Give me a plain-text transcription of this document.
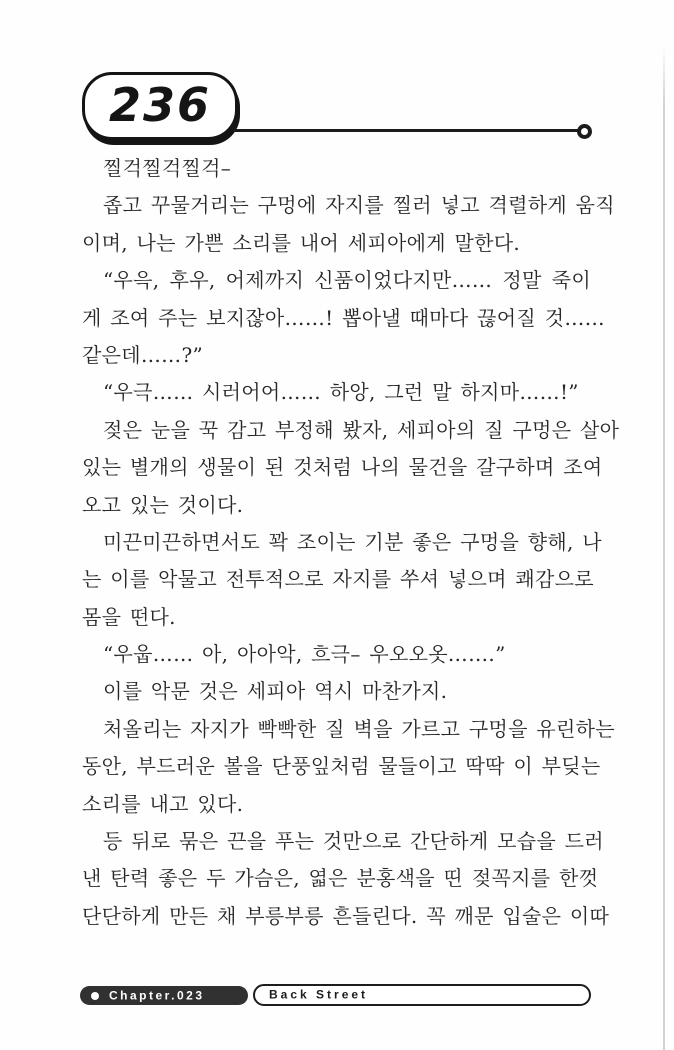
236
찔걱찔걱찔걱–
좁고 꾸물거리는 구멍에 자지를 찔러 넣고 격렬하게 움직
이며, 나는 가쁜 소리를 내어 세피아에게 말한다.
“우윽, 후우, 어제까지 신품이었다지만…… 정말 죽이
게 조여 주는 보지잖아……! 뽑아낼 때마다 끊어질 것……
같은데……?”
“우극…… 시러어어…… 하앙, 그런 말 하지마……!”
젖은 눈을 꾹 감고 부정해 봤자, 세피아의 질 구멍은 살아
있는 별개의 생물이 된 것처럼 나의 물건을 갈구하며 조여
오고 있는 것이다.
미끈미끈하면서도 꽉 조이는 기분 좋은 구멍을 향해, 나
는 이를 악물고 전투적으로 자지를 쑤셔 넣으며 쾌감으로
몸을 떤다.
“우웁…… 아, 아아악, 흐극– 우오오옷…….”
이를 악문 것은 세피아 역시 마찬가지.
처올리는 자지가 빡빡한 질 벽을 가르고 구멍을 유린하는
동안, 부드러운 볼을 단풍잎처럼 물들이고 딱딱 이 부딪는
소리를 내고 있다.
등 뒤로 묶은 끈을 푸는 것만으로 간단하게 모습을 드러
낸 탄력 좋은 두 가슴은, 엷은 분홍색을 띤 젖꼭지를 한껏
단단하게 만든 채 부릉부릉 흔들린다. 꼭 깨문 입술은 이따
Chapter.023	Back Street
